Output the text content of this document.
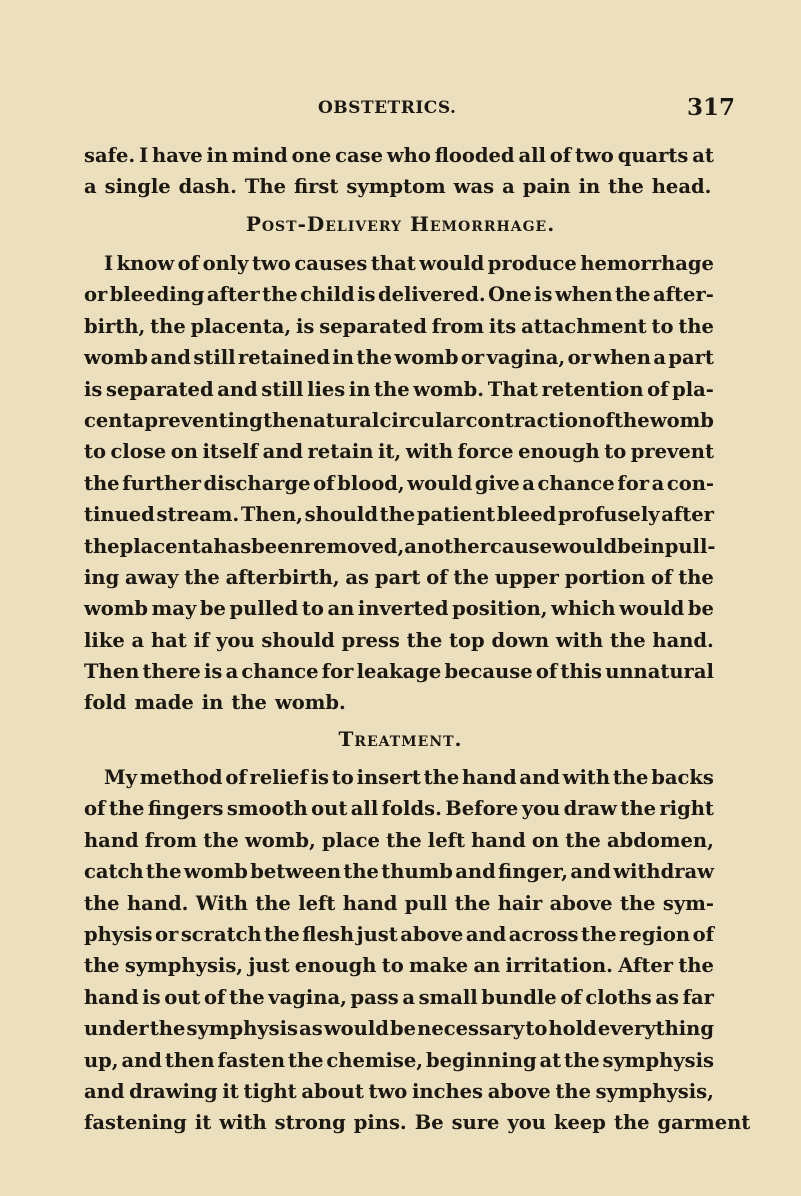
OBSTETRICS.	317
safe. I have in mind one case who flooded all of two quarts at
a single dash. The first symptom was a pain in the head.
Post-Delivery Hemorrhage.
I know of only two causes that would produce hemorrhage
or bleeding after the child is delivered. One is when the after-
birth, the placenta, is separated from its attachment to the
womb and still retained in the womb or vagina, or when a part
is separated and still lies in the womb. That retention of pla-
centa preventing the natural circular contraction of the womb
to close on itself and retain it, with force enough to prevent
the further discharge of blood, would give a chance for a con-
tinued stream. Then, should the patient bleed profusely after
the placenta has been removed, another cause would be in pull-
ing away the afterbirth, as part of the upper portion of the
womb may be pulled to an inverted position, which would be
like a hat if you should press the top down with the hand.
Then there is a chance for leakage because of this unnatural
fold made in the womb.
Treatment.
My method of relief is to insert the hand and with the backs
of the fingers smooth out all folds. Before you draw the right
hand from the womb, place the left hand on the abdomen,
catch the womb between the thumb and finger, and withdraw
the hand. With the left hand pull the hair above the sym-
physis or scratch the flesh just above and across the region of
the symphysis, just enough to make an irritation. After the
hand is out of the vagina, pass a small bundle of cloths as far
under the symphysis as would be necessary to hold everything
up, and then fasten the chemise, beginning at the symphysis
and drawing it tight about two inches above the symphysis,
fastening it with strong pins. Be sure you keep the garment
